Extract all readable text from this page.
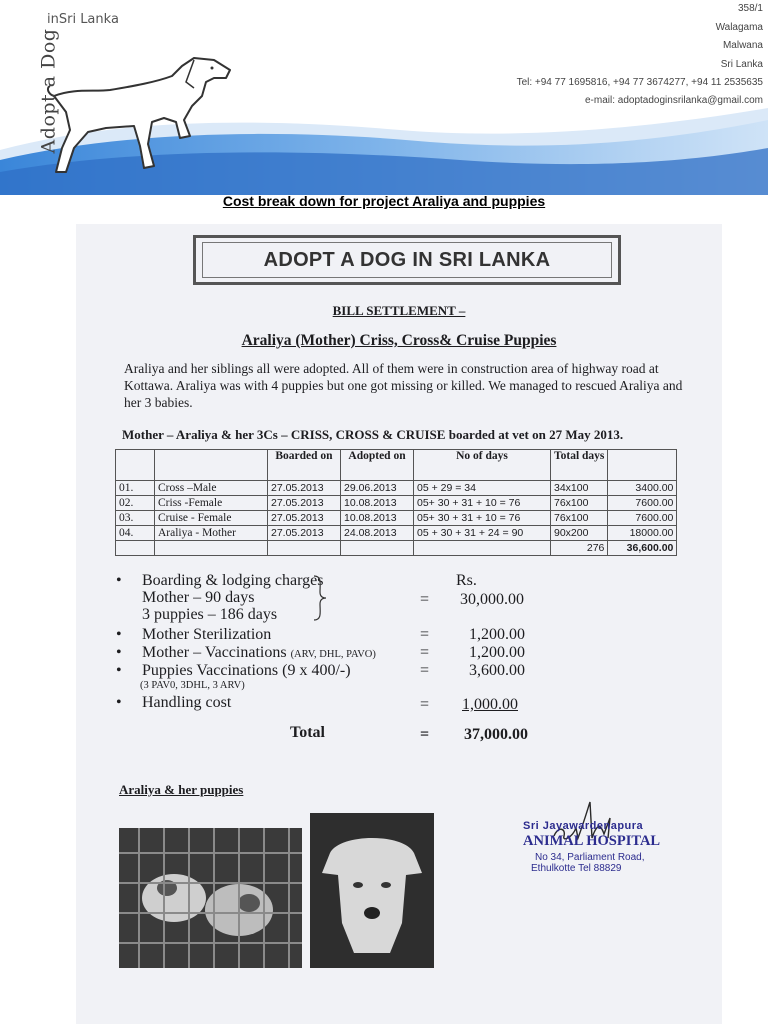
inSri Lanka
Adopt a Dog
358/1
Walagama
Malwana
Sri Lanka
Tel: +94 77 1695816, +94 77 3674277, +94 11 2535635
e-mail: adoptadoginsrilanka@gmail.com
Cost break down for project Araliya and puppies
ADOPT A DOG IN SRI LANKA
BILL SETTLEMENT –
Araliya (Mother) Criss, Cross& Cruise Puppies
Araliya and her siblings all were adopted. All of them were in construction area of highway road at Kottawa. Araliya was with 4 puppies but one got missing or killed. We managed to rescued Araliya and her 3 babies.
Mother – Araliya & her 3Cs – CRISS, CROSS & CRUISE boarded at vet on 27 May 2013.
		Boarded on	Adopted on	No of days	Total days	
01.	Cross –Male	27.05.2013	29.06.2013	05 + 29 = 34	34x100	3400.00
02.	Criss -Female	27.05.2013	10.08.2013	05+ 30 + 31 + 10 = 76	76x100	7600.00
03.	Cruise - Female	27.05.2013	10.08.2013	05+ 30 + 31 + 10 = 76	76x100	7600.00
04.	Araliya - Mother	27.05.2013	24.08.2013	05 + 30 + 31 + 24 = 90	90x200	18000.00
					276	36,600.00
Rs.
• Boarding & lodging charges
Mother – 90 days
3 puppies – 186 days
= 30,000.00
• Mother Sterilization	= 1,200.00
• Mother – Vaccinations (ARV, DHL, PAVO)	= 1,200.00
• Puppies Vaccinations (9 x 400/-)
(3 PAV0, 3DHL, 3 ARV)
= 3,600.00
• Handling cost	= 1,000.00
Total	= 37,000.00
Araliya & her puppies
Sri Jayawardenapura
ANIMAL HOSPITAL
No 34, Parliament Road,
Ethulkotte Tel 88829
